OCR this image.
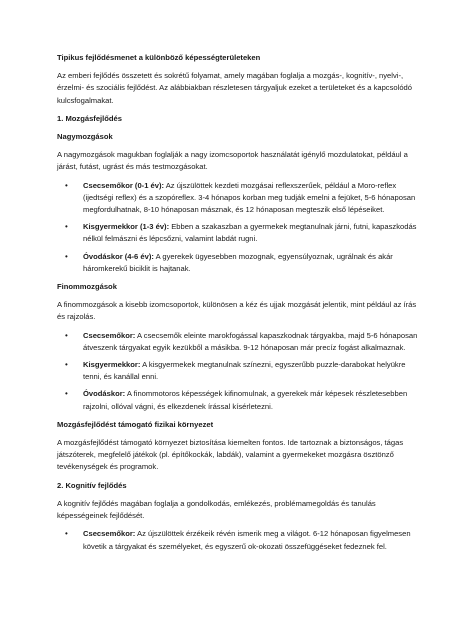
Tipikus fejlődésmenet a különböző képességterületeken

Az emberi fejlődés összetett és sokrétű folyamat, amely magában foglalja a mozgás-, kognitív-, nyelvi-, érzelmi- és szociális fejlődést. Az alábbiakban részletesen tárgyaljuk ezeket a területeket és a kapcsolódó kulcsfogalmakat.

1. Mozgásfejlődés

Nagymozgások

A nagymozgások magukban foglalják a nagy izomcsoportok használatát igénylő mozdulatokat, például a járást, futást, ugrást és más testmozgásokat.

• Csecsemőkor (0-1 év): Az újszülöttek kezdeti mozgásai reflexszerűek, például a Moro-reflex (ijedtségi reflex) és a szopóreflex. 3-4 hónapos korban meg tudják emelni a fejüket, 5-6 hónaposan megfordulhatnak, 8-10 hónaposan másznak, és 12 hónaposan megteszik első lépéseiket.
• Kisgyermekkor (1-3 év): Ebben a szakaszban a gyermekek megtanulnak járni, futni, kapaszkodás nélkül felmászni és lépcsőzni, valamint labdát rugni.
• Óvodáskor (4-6 év): A gyerekek ügyesebben mozognak, egyensúlyoznak, ugrálnak és akár háromkerekű biciklit is hajtanak.

Finommozgások

A finommozgások a kisebb izomcsoportok, különösen a kéz és ujjak mozgását jelentik, mint például az írás és rajzolás.

• Csecsemőkor: A csecsemők eleinte marokfogással kapaszkodnak tárgyakba, majd 5-6 hónaposan átveszenk tárgyakat egyik kezükből a másikba. 9-12 hónaposan már precíz fogást alkalmaznak.
• Kisgyermekkor: A kisgyermekek megtanulnak színezni, egyszerűbb puzzle-darabokat helyükre tenni, és kanállal enni.
• Óvodáskor: A finommotoros képességek kifinomulnak, a gyerekek már képesek részletesebben rajzolni, ollóval vágni, és elkezdenek írással kísérletezni.

Mozgásfejlődést támogató fizikai környezet

A mozgásfejlődést támogató környezet biztosítása kiemelten fontos. Ide tartoznak a biztonságos, tágas játszóterek, megfelelő játékok (pl. építőkockák, labdák), valamint a gyermekeket mozgásra ösztönző tevékenységek és programok.

2. Kognitív fejlődés

A kognitív fejlődés magában foglalja a gondolkodás, emlékezés, problémamegoldás és tanulás képességeinek fejlődését.

• Csecsemőkor: Az újszülöttek érzékeik révén ismerik meg a világot. 6-12 hónaposan figyelmesen követik a tárgyakat és személyeket, és egyszerű ok-okozati összefüggéseket fedeznek fel.
